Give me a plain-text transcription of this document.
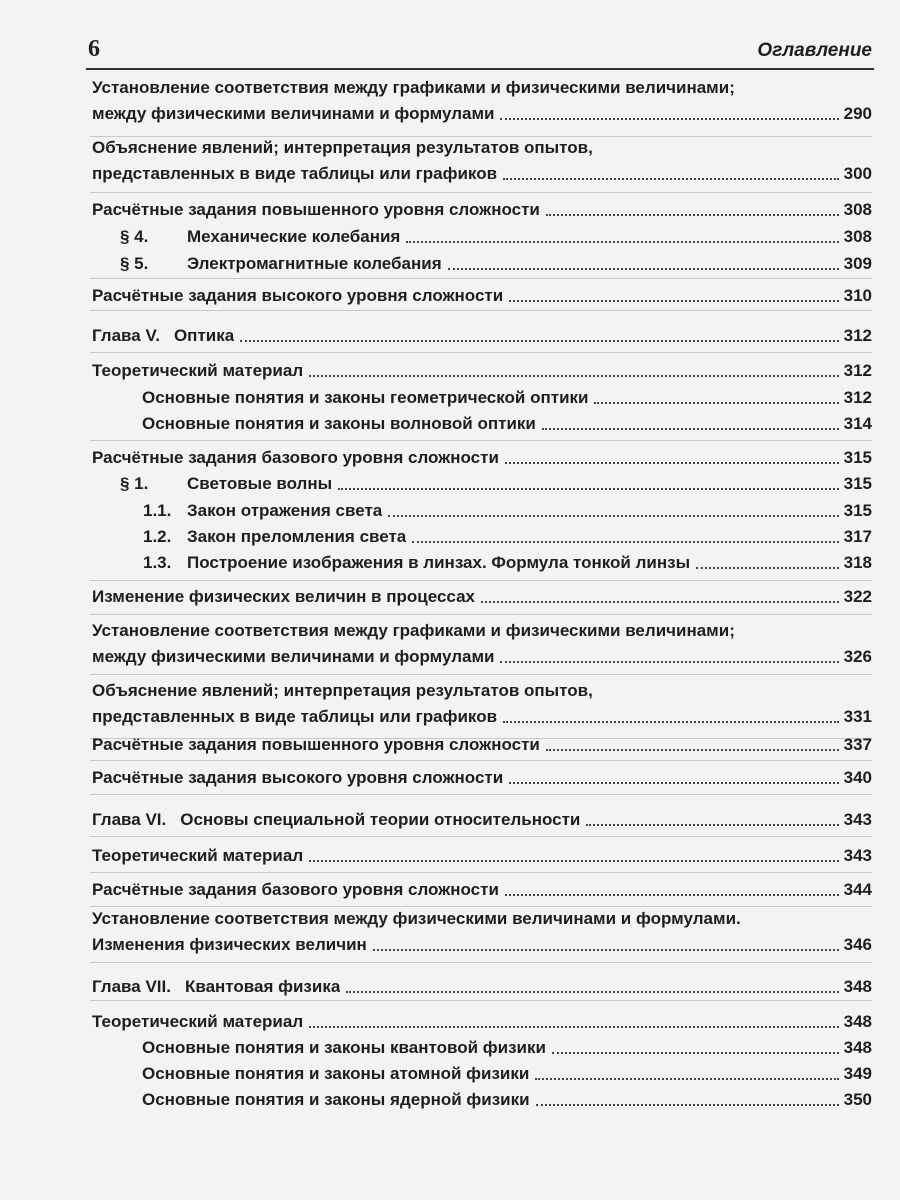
6	Оглавление
Установление соответствия между графиками и физическими величинами;
между физическими величинами и формулами	290
Объяснение явлений; интерпретация результатов опытов,
представленных в виде таблицы или графиков	300
Расчётные задания повышенного уровня сложности	308
§ 4.	Механические колебания	308
§ 5.	Электромагнитные колебания	309
Расчётные задания высокого уровня сложности	310
Глава V. Оптика	312
Теоретический материал	312
Основные понятия и законы геометрической оптики	312
Основные понятия и законы волновой оптики	314
Расчётные задания базового уровня сложности	315
§ 1.	Световые волны	315
1.1. Закон отражения света	315
1.2. Закон преломления света	317
1.3. Построение изображения в линзах. Формула тонкой линзы	318
Изменение физических величин в процессах	322
Установление соответствия между графиками и физическими величинами;
между физическими величинами и формулами	326
Объяснение явлений; интерпретация результатов опытов,
представленных в виде таблицы или графиков	331
Расчётные задания повышенного уровня сложности	337
Расчётные задания высокого уровня сложности	340
Глава VI. Основы специальной теории относительности	343
Теоретический материал	343
Расчётные задания базового уровня сложности	344
Установление соответствия между физическими величинами и формулами.
Изменения физических величин	346
Глава VII. Квантовая физика	348
Теоретический материал	348
Основные понятия и законы квантовой физики	348
Основные понятия и законы атомной физики	349
Основные понятия и законы ядерной физики	350
